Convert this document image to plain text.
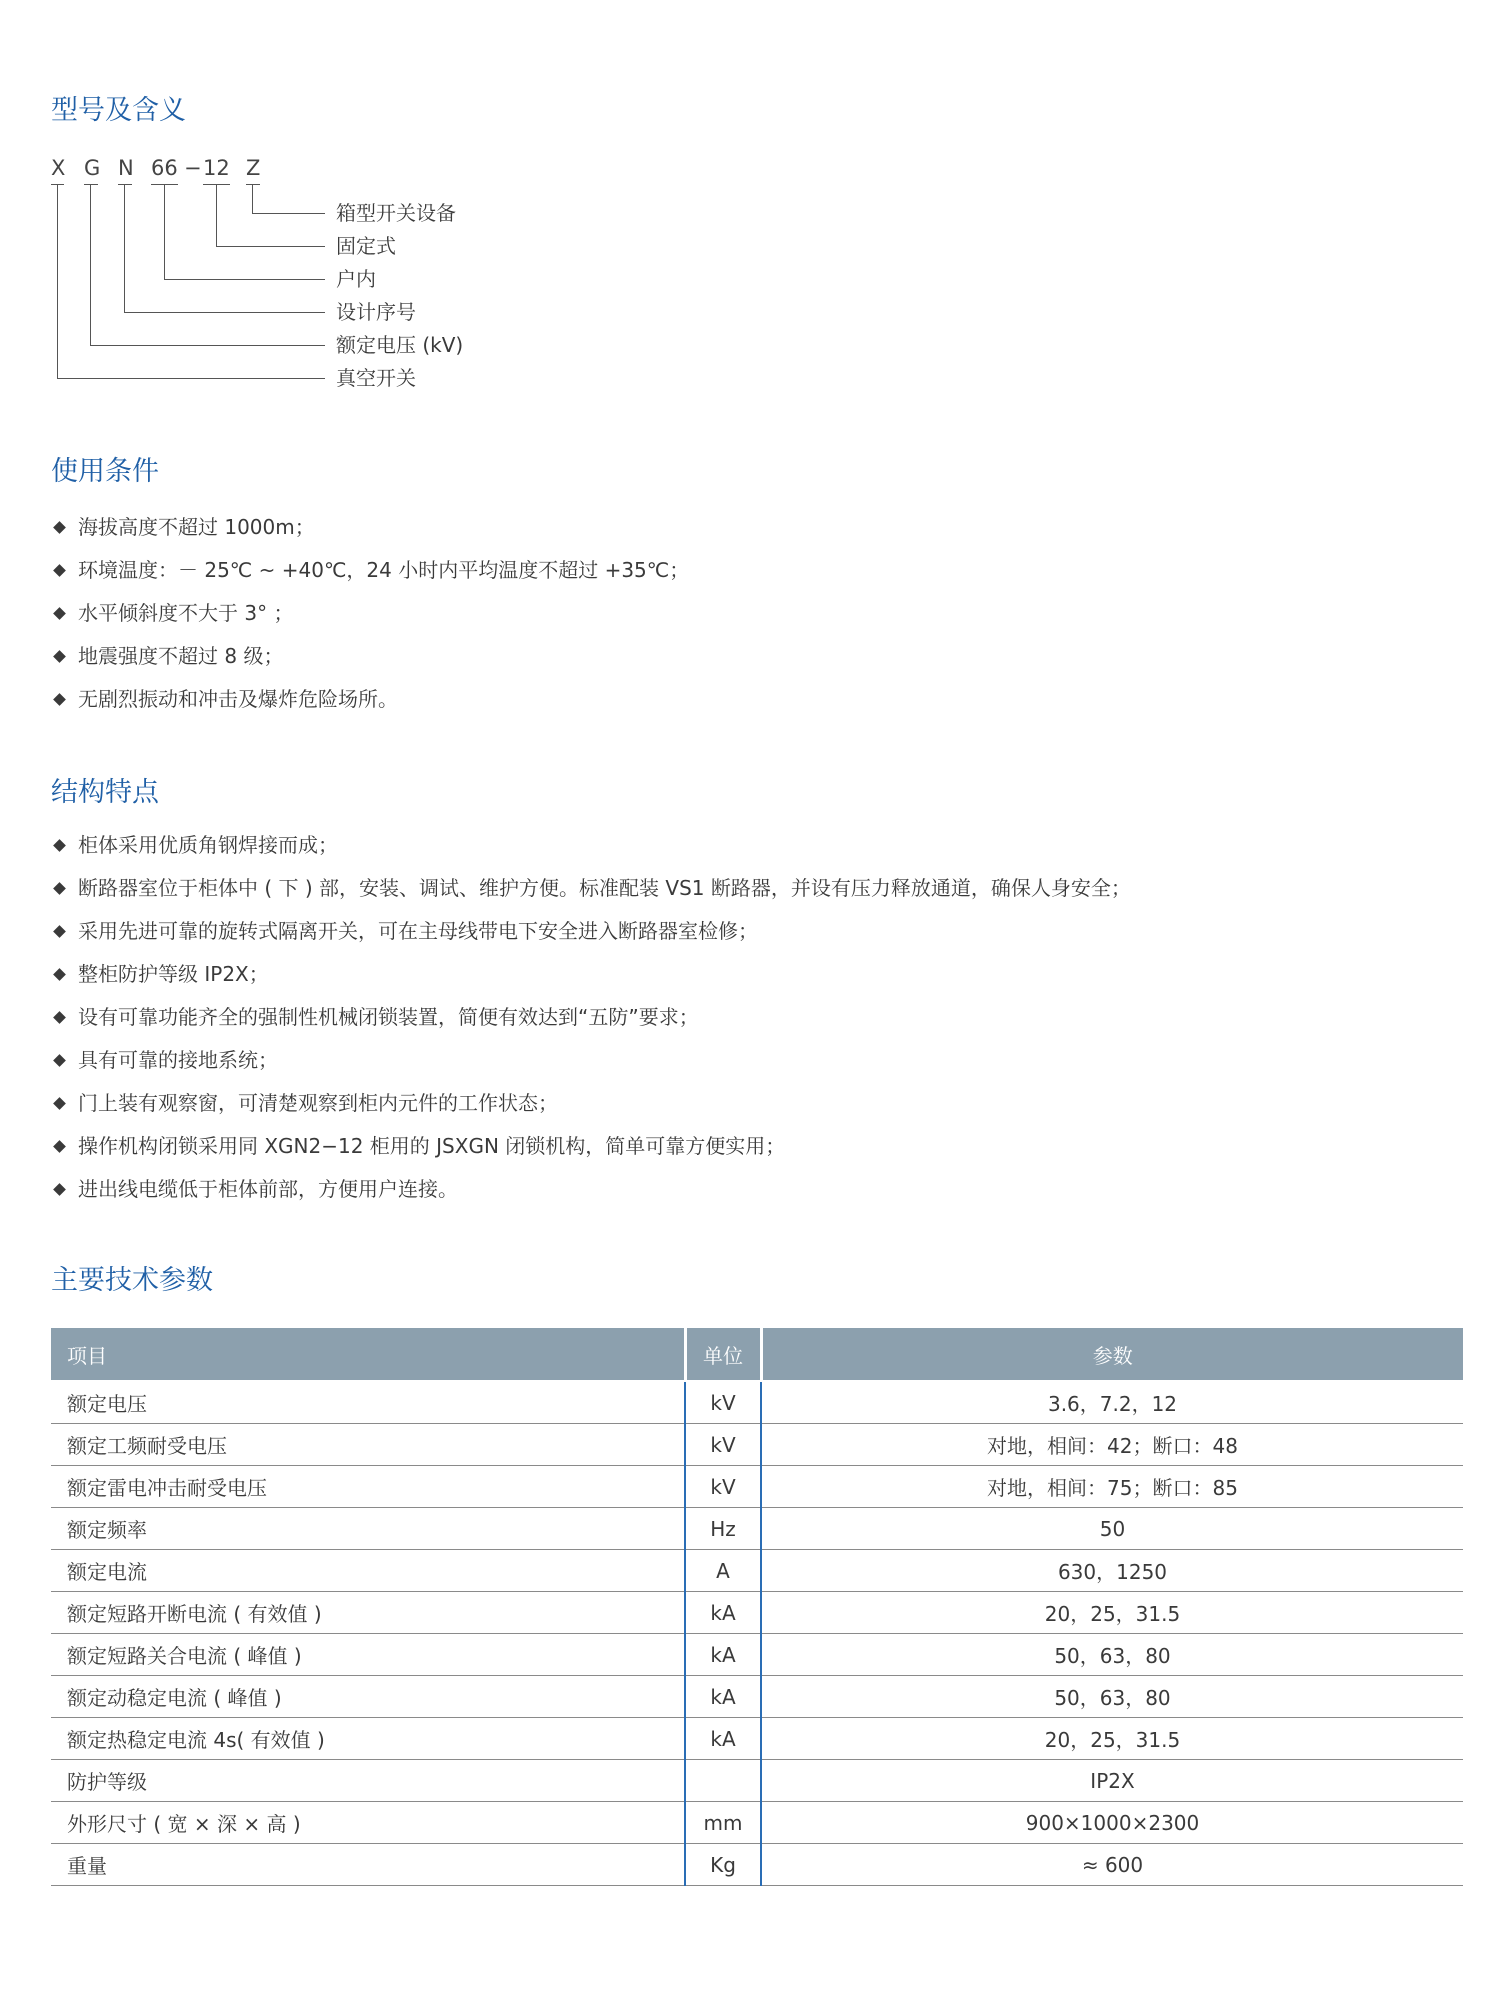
型号及含义
X G N 66 − 12 Z
箱型开关设备
固定式
户内
设计序号
额定电压 (kV)
真空开关
使用条件
海拔高度不超过 1000m；
环境温度：－ 25℃ ~ +40℃，24 小时内平均温度不超过 +35℃；
水平倾斜度不大于 3° ；
地震强度不超过 8 级；
无剧烈振动和冲击及爆炸危险场所。
结构特点
柜体采用优质角钢焊接而成；
断路器室位于柜体中 ( 下 ) 部，安装、调试、维护方便。标准配装 VS1 断路器，并设有压力释放通道，确保人身安全；
采用先进可靠的旋转式隔离开关，可在主母线带电下安全进入断路器室检修；
整柜防护等级 IP2X；
设有可靠功能齐全的强制性机械闭锁装置，简便有效达到“五防”要求；
具有可靠的接地系统；
门上装有观察窗，可清楚观察到柜内元件的工作状态；
操作机构闭锁采用同 XGN2−12 柜用的 JSXGN 闭锁机构，简单可靠方便实用；
进出线电缆低于柜体前部，方便用户连接。
主要技术参数
项目	单位	参数
额定电压	kV	3.6，7.2，12
额定工频耐受电压	kV	对地，相间：42；断口：48
额定雷电冲击耐受电压	kV	对地，相间：75；断口：85
额定频率	Hz	50
额定电流	A	630，1250
额定短路开断电流 ( 有效值 )	kA	20，25，31.5
额定短路关合电流 ( 峰值 )	kA	50，63，80
额定动稳定电流 ( 峰值 )	kA	50，63，80
额定热稳定电流 4s( 有效值 )	kA	20，25，31.5
防护等级		IP2X
外形尺寸 ( 宽 × 深 × 高 )	mm	900×1000×2300
重量	Kg	≈ 600
